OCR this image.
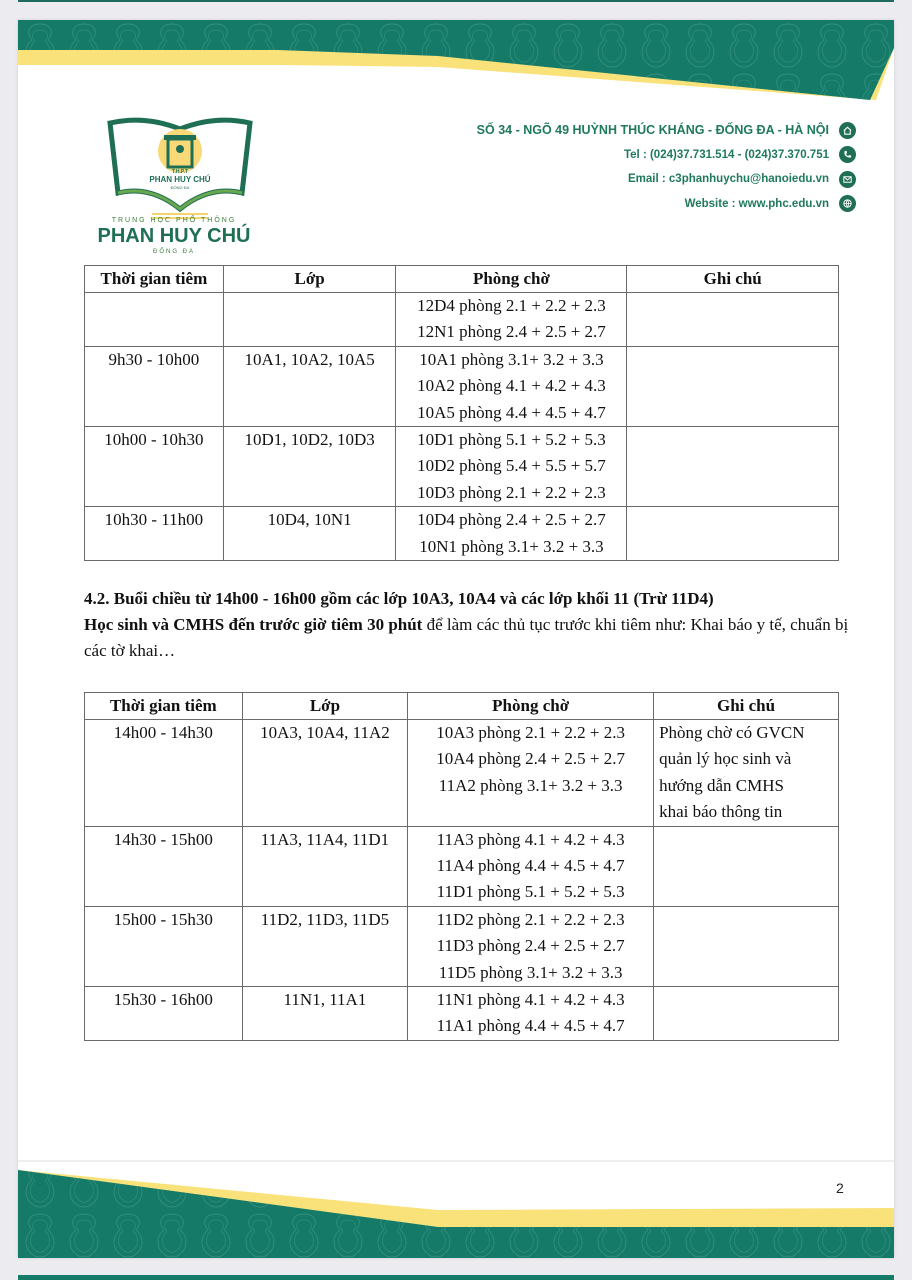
T.H.P.T
PHAN HUY CHÚ
ĐỐNG ĐA
TRUNG HỌC PHỔ THÔNG
PHAN HUY CHÚ
ĐỐNG ĐA
SỐ 34 - NGÕ 49 HUỲNH THÚC KHÁNG - ĐỐNG ĐA - HÀ NỘI
Tel : (024)37.731.514 - (024)37.370.751
Email : c3phanhuychu@hanoiedu.vn
Website : www.phc.edu.vn
Thời gian tiêm	Lớp	Phòng chờ	Ghi chú

		12D4 phòng 2.1 + 2.2 + 2.3
12N1 phòng 2.4 + 2.5 + 2.7	

9h30 - 10h00	10A1, 10A2, 10A5	10A1 phòng 3.1+ 3.2 + 3.3
10A2 phòng 4.1 + 4.2 + 4.3
10A5 phòng 4.4 + 4.5 + 4.7	

10h00 - 10h30	10D1, 10D2, 10D3	10D1 phòng 5.1 + 5.2 + 5.3
10D2 phòng 5.4 + 5.5 + 5.7
10D3 phòng 2.1 + 2.2 + 2.3	

10h30 - 11h00	10D4, 10N1	10D4 phòng 2.4 + 2.5 + 2.7
10N1 phòng 3.1+ 3.2 + 3.3	

4.2. Buổi chiều từ 14h00 - 16h00 gồm các lớp 10A3, 10A4 và các lớp khối 11 (Trừ 11D4)
Học sinh và CMHS đến trước giờ tiêm 30 phút để làm các thủ tục trước khi tiêm như: Khai báo y tế, chuẩn bị các tờ khai…
Thời gian tiêm	Lớp	Phòng chờ	Ghi chú
14h00 - 14h30	10A3, 10A4, 11A2	10A3 phòng 2.1 + 2.2 + 2.3
10A4 phòng 2.4 + 2.5 + 2.7
11A2 phòng 3.1+ 3.2 + 3.3	Phòng chờ có GVCN
quản lý học sinh và
hướng dẫn CMHS
khai báo thông tin

14h30 - 15h00	11A3, 11A4, 11D1	11A3 phòng 4.1 + 4.2 + 4.3
11A4 phòng 4.4 + 4.5 + 4.7
11D1 phòng 5.1 + 5.2 + 5.3	

15h00 - 15h30	11D2, 11D3, 11D5	11D2 phòng 2.1 + 2.2 + 2.3
11D3 phòng 2.4 + 2.5 + 2.7
11D5 phòng 3.1+ 3.2 + 3.3	

15h30 - 16h00	11N1, 11A1	11N1 phòng 4.1 + 4.2 + 4.3
11A1 phòng 4.4 + 4.5 + 4.7	

2
